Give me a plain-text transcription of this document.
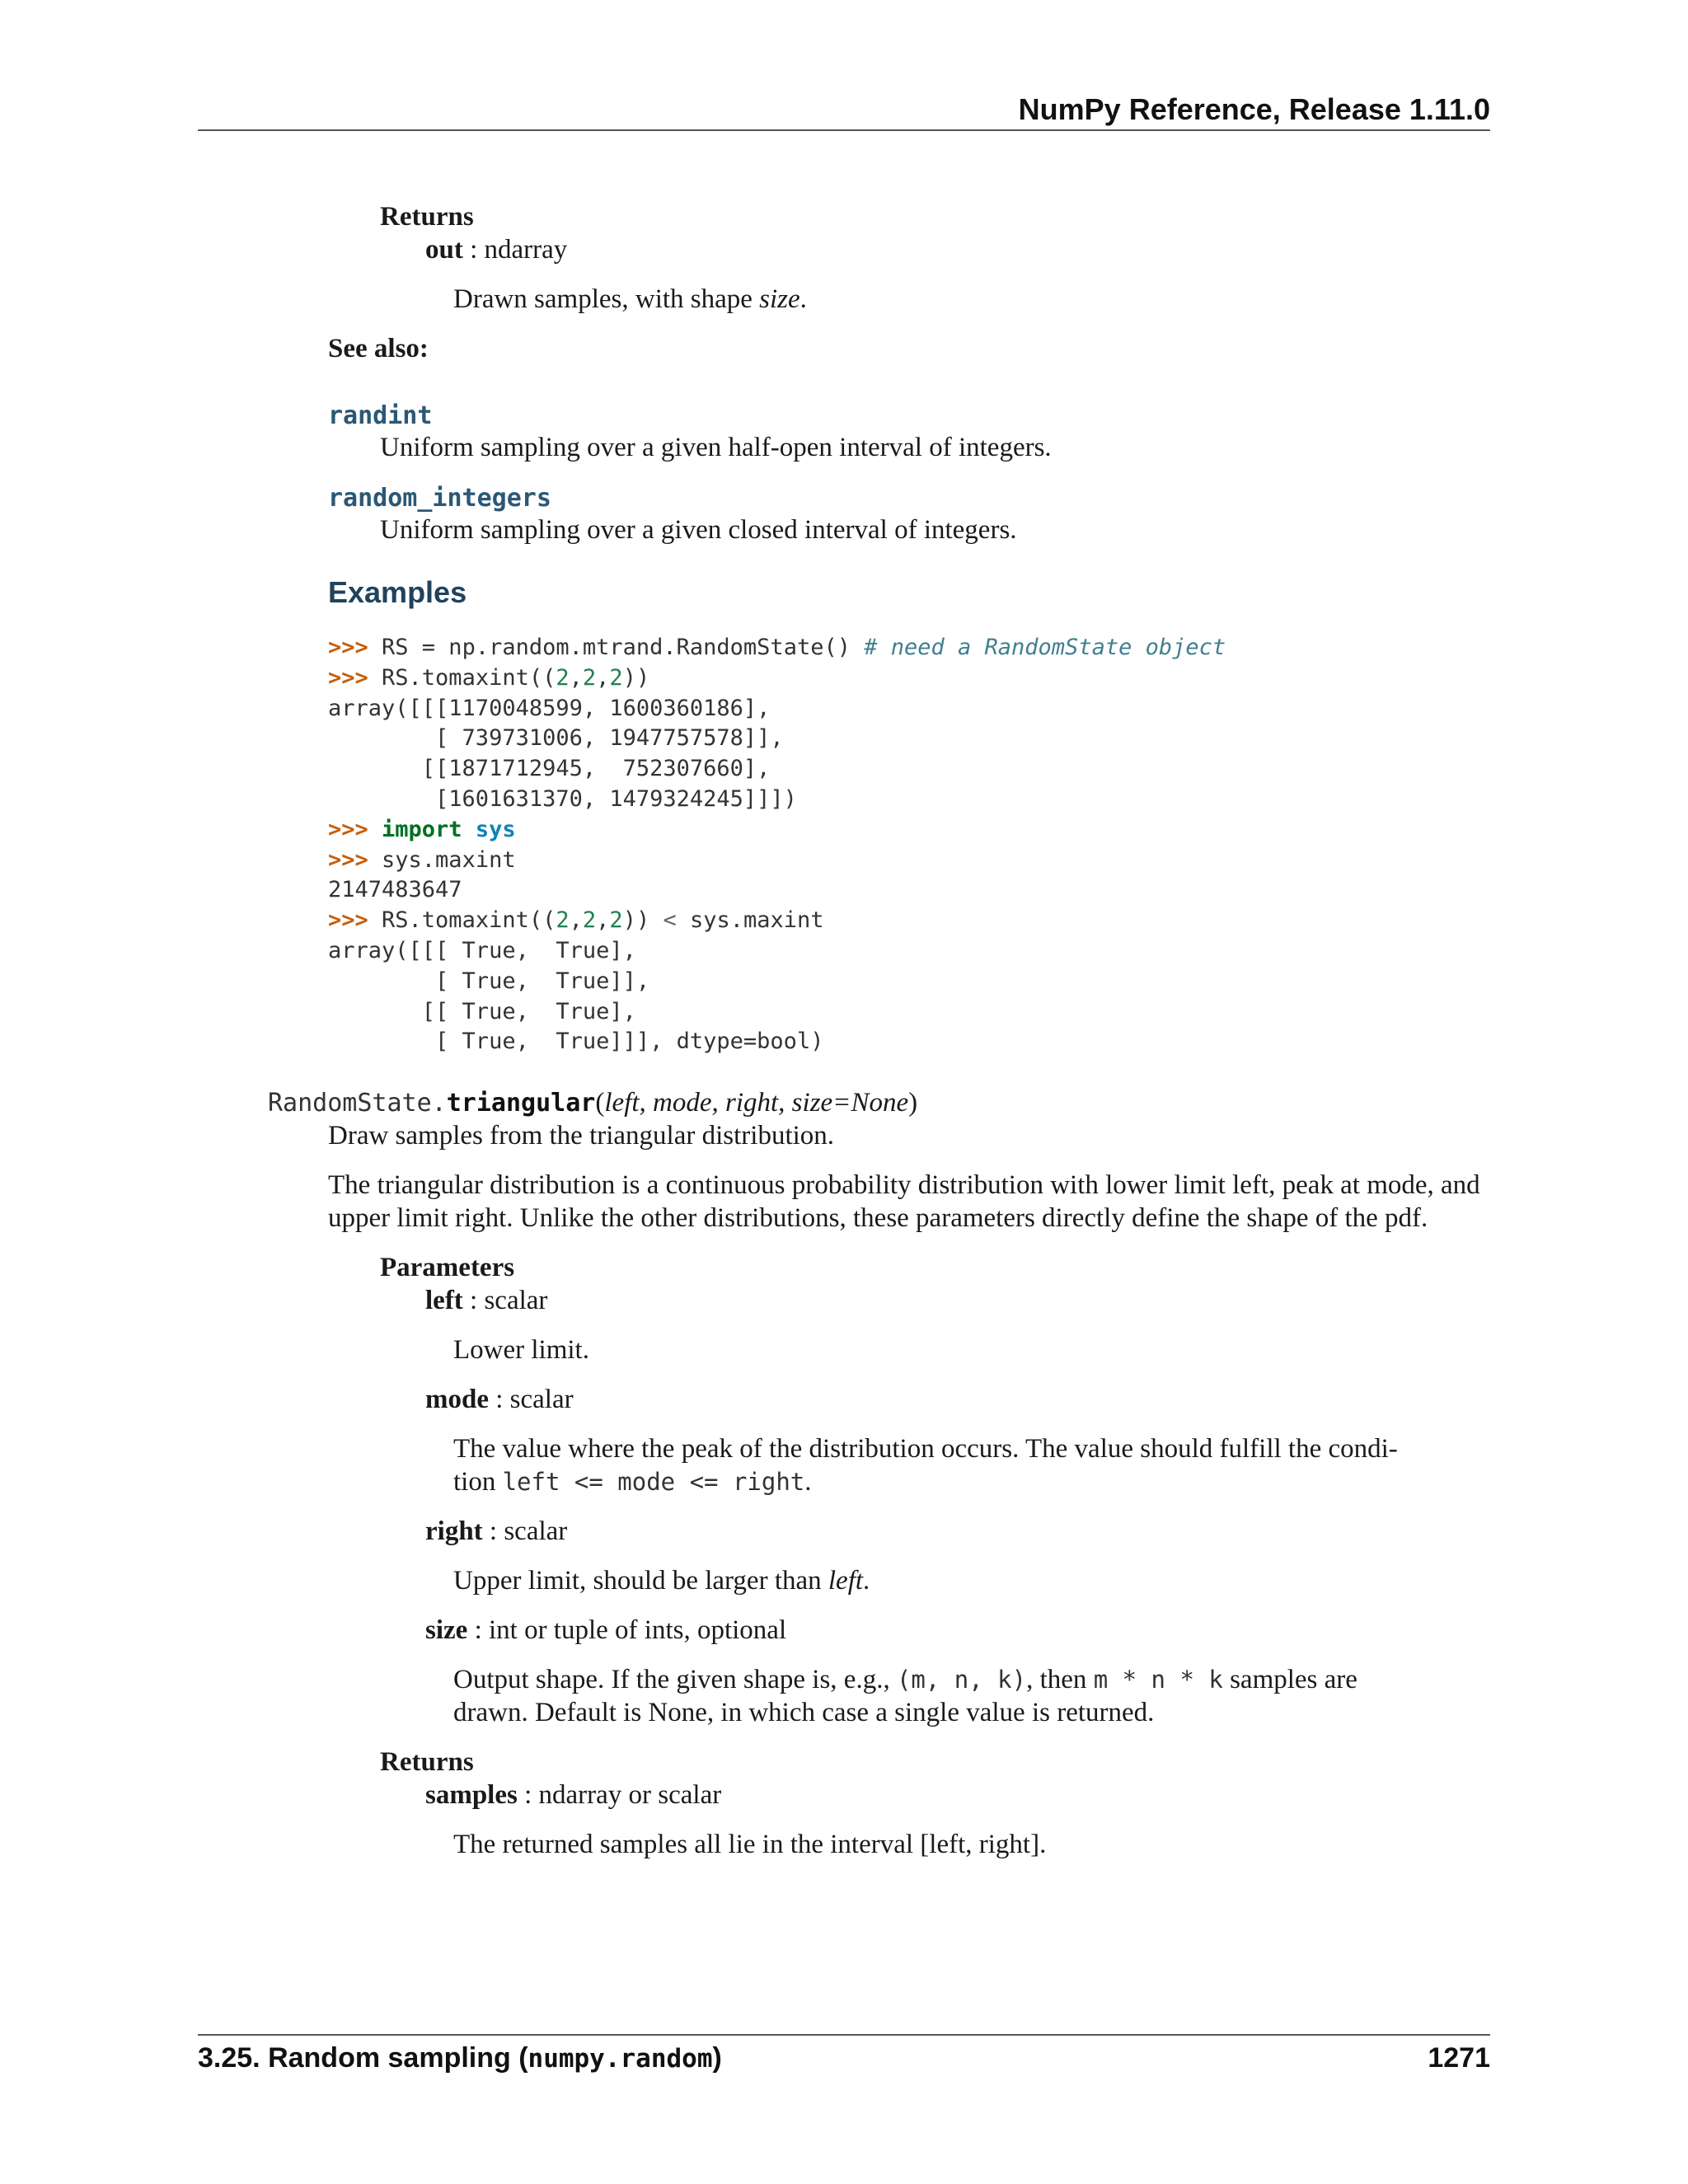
NumPy Reference, Release 1.11.0
Returns
out : ndarray
Drawn samples, with shape size.
See also:
randint
Uniform sampling over a given half-open interval of integers.
random_integers
Uniform sampling over a given closed interval of integers.
Examples
>>> RS = np.random.mtrand.RandomState() # need a RandomState object
>>> RS.tomaxint((2,2,2))
array([[[1170048599, 1600360186],
[ 739731006, 1947757578]],
[[1871712945,  752307660],
[1601631370, 1479324245]]])
>>> import sys
>>> sys.maxint
2147483647
>>> RS.tomaxint((2,2,2)) < sys.maxint
array([[[ True,  True],
[ True,  True]],
[[ True,  True],
[ True,  True]]], dtype=bool)
RandomState.triangular(left, mode, right, size=None)
Draw samples from the triangular distribution.
The triangular distribution is a continuous probability distribution with lower limit left, peak at mode, and
upper limit right. Unlike the other distributions, these parameters directly define the shape of the pdf.
Parameters
left : scalar
Lower limit.
mode : scalar
The value where the peak of the distribution occurs. The value should fulfill the condi-
tion left <= mode <= right.
right : scalar
Upper limit, should be larger than left.
size : int or tuple of ints, optional
Output shape. If the given shape is, e.g., (m, n, k), then m * n * k samples are
drawn. Default is None, in which case a single value is returned.
Returns
samples : ndarray or scalar
The returned samples all lie in the interval [left, right].
3.25. Random sampling (numpy.random)	1271
